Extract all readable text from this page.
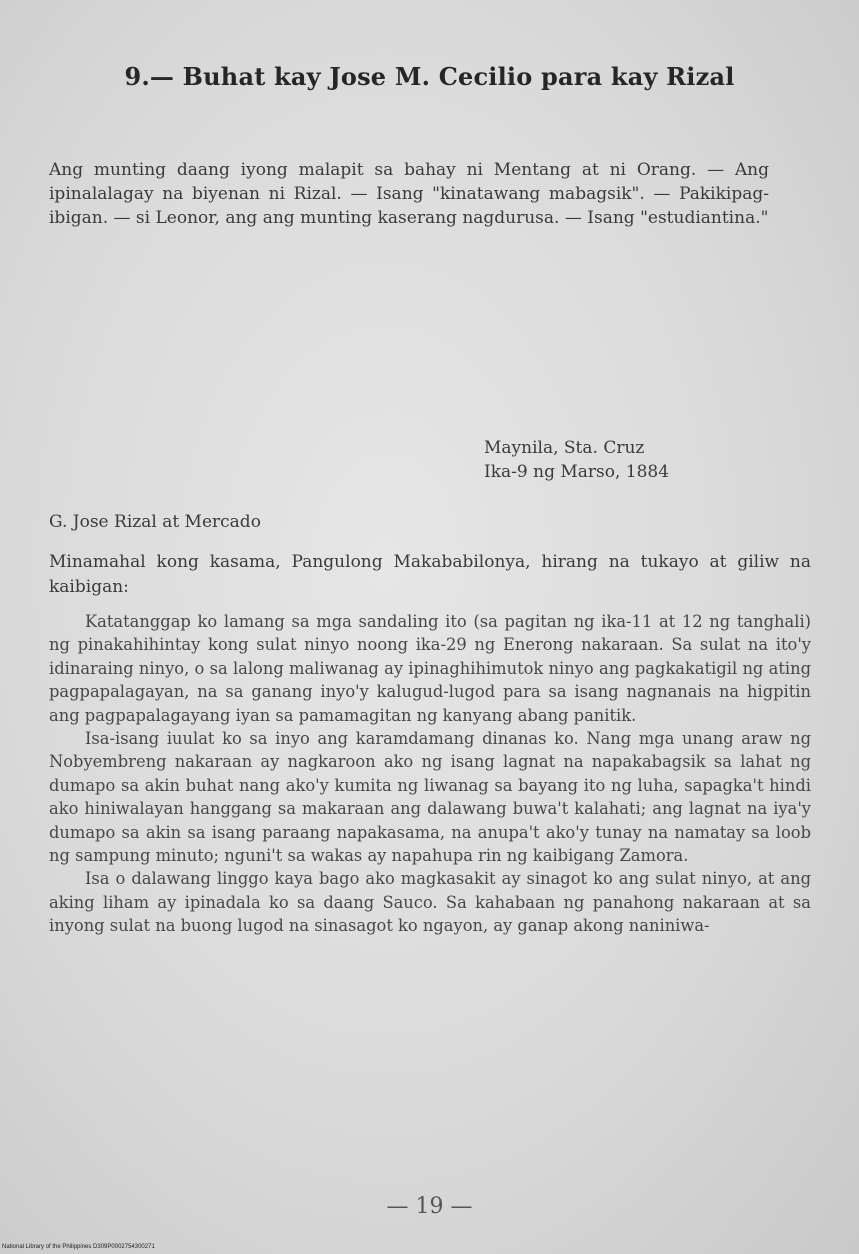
9.— Buhat kay Jose M. Cecilio para kay Rizal
Ang munting daang iyong malapit sa bahay ni Mentang at ni Orang. — Ang ipinalalagay na biyenan ni Rizal. — Isang "kinatawang mabagsik". — Pakikipag-ibigan. — si Leonor, ang ang munting kaserang nagdurusa. — Isang "estudiantina."
Maynila, Sta. Cruz
Ika-9 ng Marso, 1884
G. Jose Rizal at Mercado
Minamahal kong kasama, Pangulong Makababilonya, hirang na tukayo at giliw na kaibigan:

Katatanggap ko lamang sa mga sandaling ito (sa pagitan ng ika-11 at 12 ng tanghali) ng pinakahihintay kong sulat ninyo noong ika-29 ng Enerong nakaraan. Sa sulat na ito'y idinaraing ninyo, o sa lalong maliwanag ay ipinaghihimutok ninyo ang pagkakatigil ng ating pagpapalagayan, na sa ganang inyo'y kalugud-lugod para sa isang nagnanais na higpitin ang pagpapalagayang iyan sa pamamagitan ng kanyang abang panitik.

Isa-isang iuulat ko sa inyo ang karamdamang dinanas ko. Nang mga unang araw ng Nobyembreng nakaraan ay nagkaroon ako ng isang lagnat na napakabagsik sa lahat ng dumapo sa akin buhat nang ako'y kumita ng liwanag sa bayang ito ng luha, sapagka't hindi ako hiniwalayan hanggang sa makaraan ang dalawang buwa't kalahati; ang lagnat na iya'y dumapo sa akin sa isang paraang napakasama, na anupa't ako'y tunay na namatay sa loob ng sampung minuto; nguni't sa wakas ay napahupa rin ng kaibigang Zamora.

Isa o dalawang linggo kaya bago ako magkasakit ay sinagot ko ang sulat ninyo, at ang aking liham ay ipinadala ko sa daang Sauco. Sa kahabaan ng panahong nakaraan at sa inyong sulat na buong lugod na sinasagot ko ngayon, ay ganap akong naniniwa-

— 19 —
National Library of the Philippines D309P0002754300271
